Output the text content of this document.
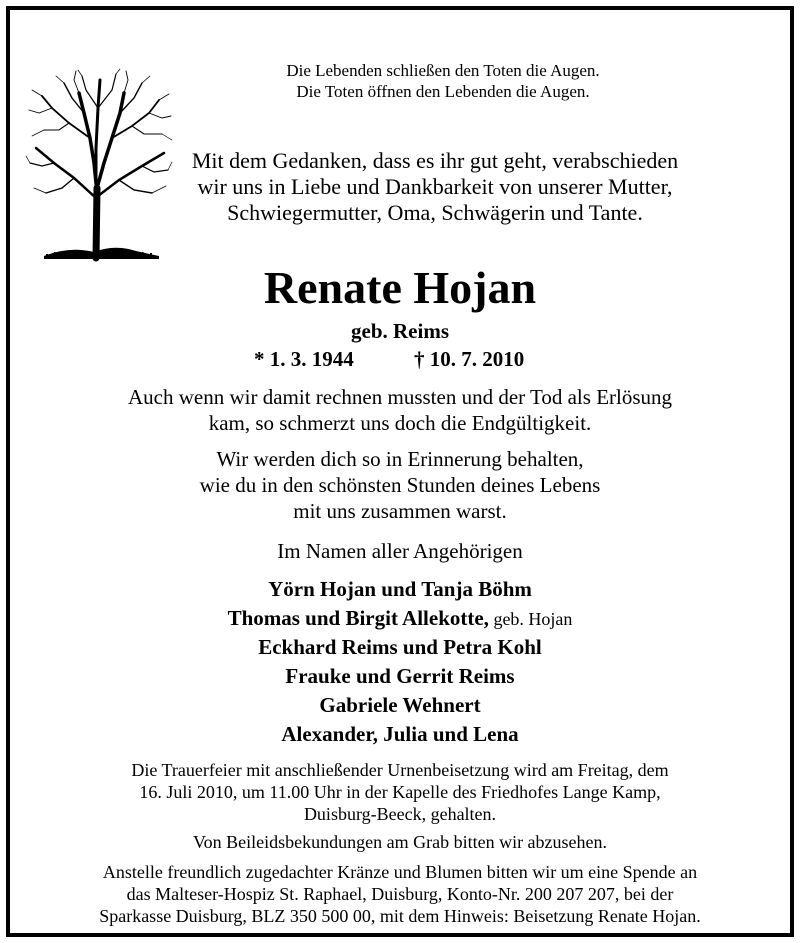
Die Lebenden schließen den Toten die Augen.
Die Toten öffnen den Lebenden die Augen.
Mit dem Gedanken, dass es ihr gut geht, verabschieden
wir uns in Liebe und Dankbarkeit von unserer Mutter,
Schwiegermutter, Oma, Schwägerin und Tante.
Renate Hojan
geb. Reims
* 1. 3. 1944	† 10. 7. 2010
Auch wenn wir damit rechnen mussten und der Tod als Erlösung
kam, so schmerzt uns doch die Endgültigkeit.
Wir werden dich so in Erinnerung behalten,
wie du in den schönsten Stunden deines Lebens
mit uns zusammen warst.
Im Namen aller Angehörigen
Yörn Hojan und Tanja Böhm
Thomas und Birgit Allekotte, geb. Hojan
Eckhard Reims und Petra Kohl
Frauke und Gerrit Reims
Gabriele Wehnert
Alexander, Julia und Lena
Die Trauerfeier mit anschließender Urnenbeisetzung wird am Freitag, dem
16. Juli 2010, um 11.00 Uhr in der Kapelle des Friedhofes Lange Kamp,
Duisburg-Beeck, gehalten.
Von Beileidsbekundungen am Grab bitten wir abzusehen.
Anstelle freundlich zugedachter Kränze und Blumen bitten wir um eine Spende an
das Malteser-Hospiz St. Raphael, Duisburg, Konto-Nr. 200 207 207, bei der
Sparkasse Duisburg, BLZ 350 500 00, mit dem Hinweis: Beisetzung Renate Hojan.
